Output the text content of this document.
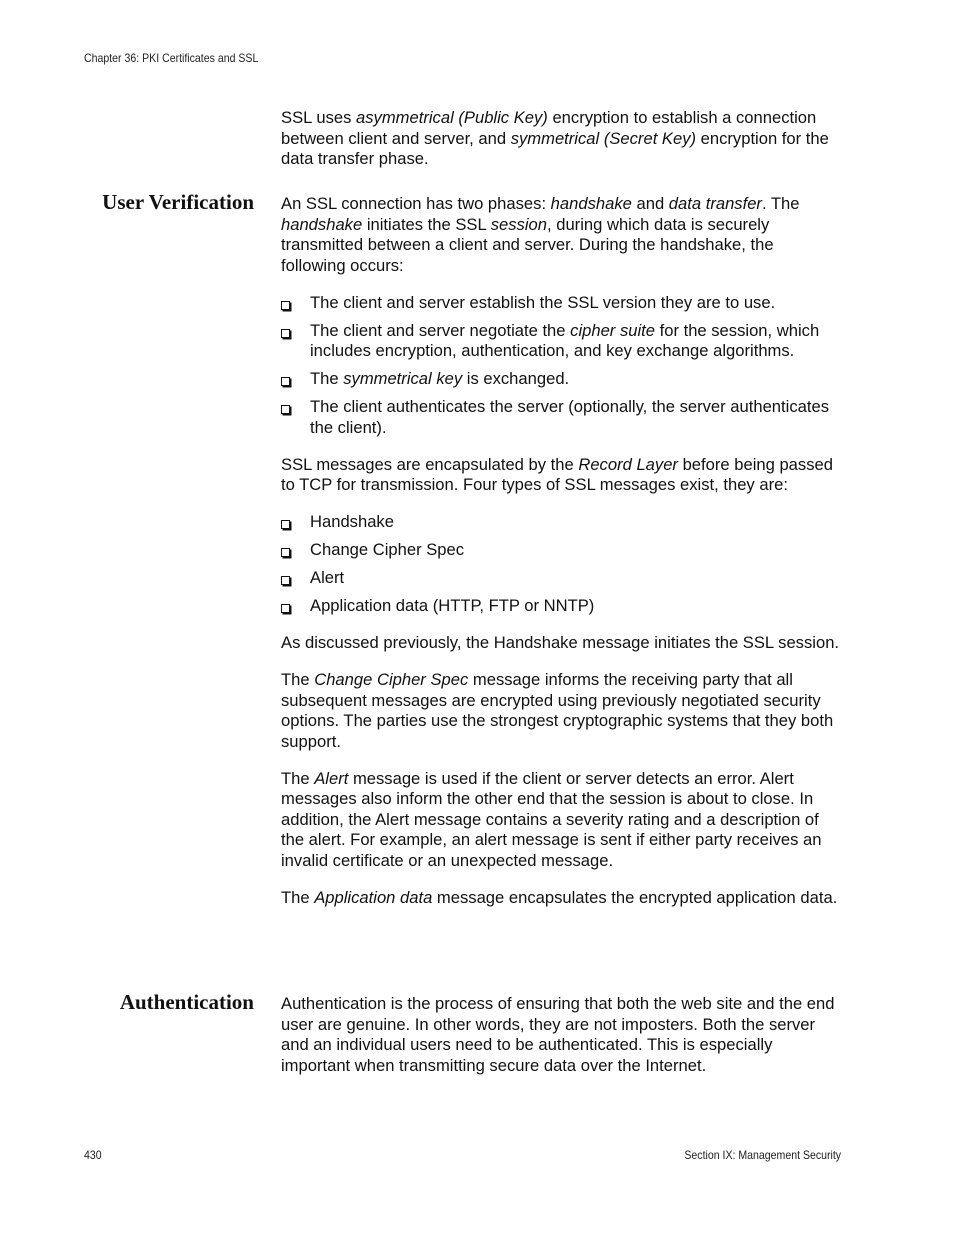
Chapter 36: PKI Certificates and SSL

SSL uses asymmetrical (Public Key) encryption to establish a connection between client and server, and symmetrical (Secret Key) encryption for the data transfer phase.

User Verification An SSL connection has two phases: handshake and data transfer. The handshake initiates the SSL session, during which data is securely transmitted between a client and server. During the handshake, the following occurs:

The client and server establish the SSL version they are to use.
The client and server negotiate the cipher suite for the session, which includes encryption, authentication, and key exchange algorithms.
The symmetrical key is exchanged.
The client authenticates the server (optionally, the server authenticates the client).

SSL messages are encapsulated by the Record Layer before being passed to TCP for transmission. Four types of SSL messages exist, they are:

Handshake
Change Cipher Spec
Alert
Application data (HTTP, FTP or NNTP)

As discussed previously, the Handshake message initiates the SSL session.

The Change Cipher Spec message informs the receiving party that all subsequent messages are encrypted using previously negotiated security options. The parties use the strongest cryptographic systems that they both support.

The Alert message is used if the client or server detects an error. Alert messages also inform the other end that the session is about to close. In addition, the Alert message contains a severity rating and a description of the alert. For example, an alert message is sent if either party receives an invalid certificate or an unexpected message.

The Application data message encapsulates the encrypted application data.

Authentication Authentication is the process of ensuring that both the web site and the end user are genuine. In other words, they are not imposters. Both the server and an individual users need to be authenticated. This is especially important when transmitting secure data over the Internet.

430	Section IX: Management Security
